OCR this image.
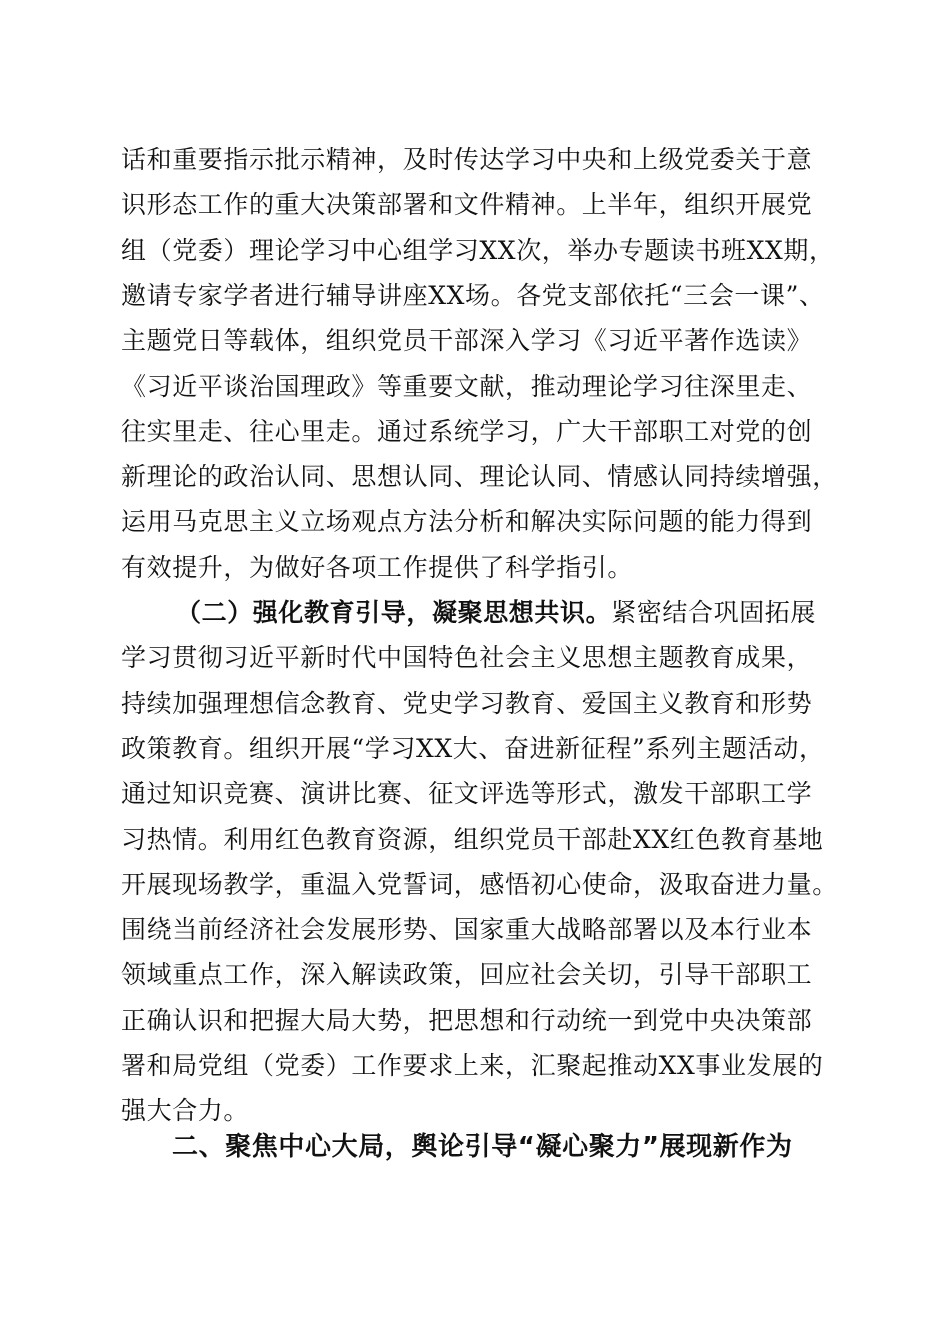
话和重要指示批示精神，及时传达学习中央和上级党委关于意
识形态工作的重大决策部署和文件精神。上半年，组织开展党
组（党委）理论学习中心组学习XX次，举办专题读书班XX期，
邀请专家学者进行辅导讲座XX场。各党支部依托“三会一课”、
主题党日等载体，组织党员干部深入学习《习近平著作选读》
《习近平谈治国理政》等重要文献，推动理论学习往深里走、
往实里走、往心里走。通过系统学习，广大干部职工对党的创
新理论的政治认同、思想认同、理论认同、情感认同持续增强，
运用马克思主义立场观点方法分析和解决实际问题的能力得到
有效提升，为做好各项工作提供了科学指引。
（二）强化教育引导，凝聚思想共识。紧密结合巩固拓展
学习贯彻习近平新时代中国特色社会主义思想主题教育成果，
持续加强理想信念教育、党史学习教育、爱国主义教育和形势
政策教育。组织开展“学习XX大、奋进新征程”系列主题活动，
通过知识竞赛、演讲比赛、征文评选等形式，激发干部职工学
习热情。利用红色教育资源，组织党员干部赴XX红色教育基地
开展现场教学，重温入党誓词，感悟初心使命，汲取奋进力量。
围绕当前经济社会发展形势、国家重大战略部署以及本行业本
领域重点工作，深入解读政策，回应社会关切，引导干部职工
正确认识和把握大局大势，把思想和行动统一到党中央决策部
署和局党组（党委）工作要求上来，汇聚起推动XX事业发展的
强大合力。
二、聚焦中心大局，舆论引导“凝心聚力”展现新作为
